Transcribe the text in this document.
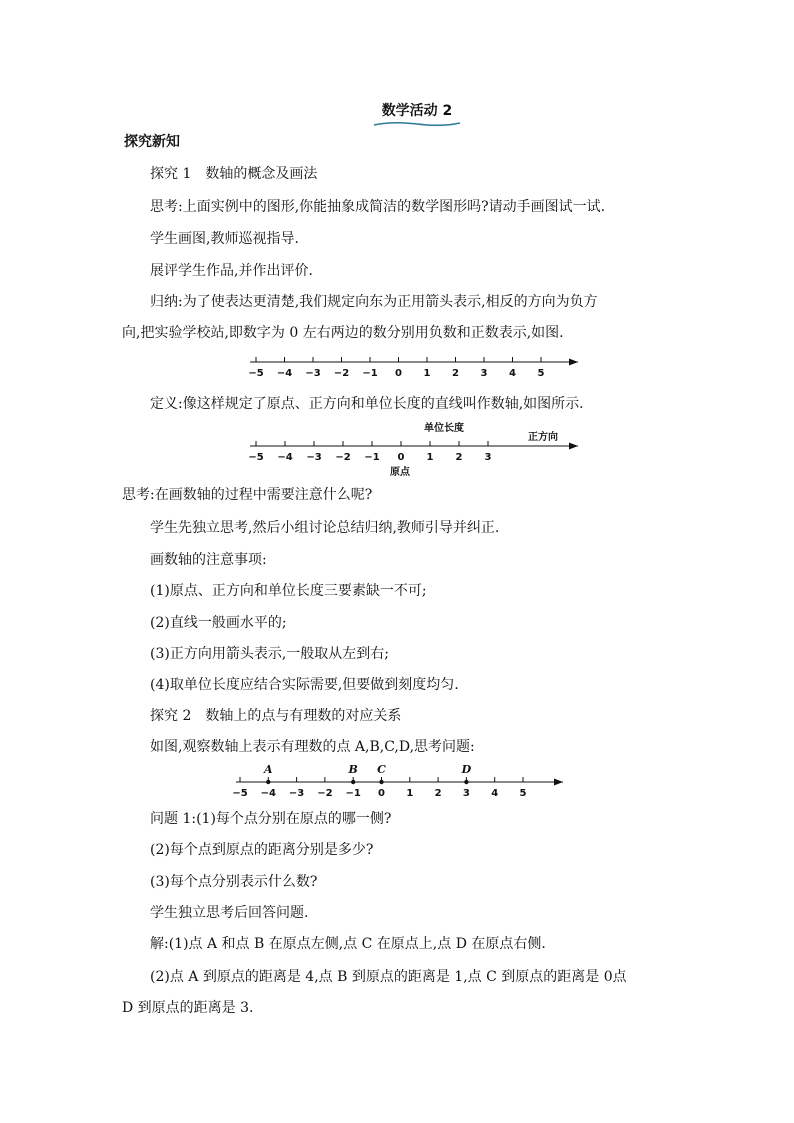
数学活动 2
探究新知
探究 1　数轴的概念及画法
思考:上面实例中的图形,你能抽象成简洁的数学图形吗?请动手画图试一试.
学生画图,教师巡视指导.
展评学生作品,并作出评价.
归纳:为了使表达更清楚,我们规定向东为正用箭头表示,相反的方向为负方
向,把实验学校站,即数字为 0 左右两边的数分别用负数和正数表示,如图.
−5 −4 −3 −2 −1 0 1 2 3 4 5
定义:像这样规定了原点、正方向和单位长度的直线叫作数轴,如图所示.
−5 −4 −3 −2 −1 0 1 2 3
单位长度
正方向
原点
思考:在画数轴的过程中需要注意什么呢?
学生先独立思考,然后小组讨论总结归纳,教师引导并纠正.
画数轴的注意事项:
(1)原点、正方向和单位长度三要素缺一不可;
(2)直线一般画水平的;
(3)正方向用箭头表示,一般取从左到右;
(4)取单位长度应结合实际需要,但要做到刻度均匀.
探究 2　数轴上的点与有理数的对应关系
如图,观察数轴上表示有理数的点 A,B,C,D,思考问题:
−5 −4 −3 −2 −1 0 1 2 3 4 5
A	B C	D
问题 1:(1)每个点分别在原点的哪一侧?
(2)每个点到原点的距离分别是多少?
(3)每个点分别表示什么数?
学生独立思考后回答问题.
解:(1)点 A 和点 B 在原点左侧,点 C 在原点上,点 D 在原点右侧.
(2)点 A 到原点的距离是 4,点 B 到原点的距离是 1,点 C 到原点的距离是 0点
D 到原点的距离是 3.
